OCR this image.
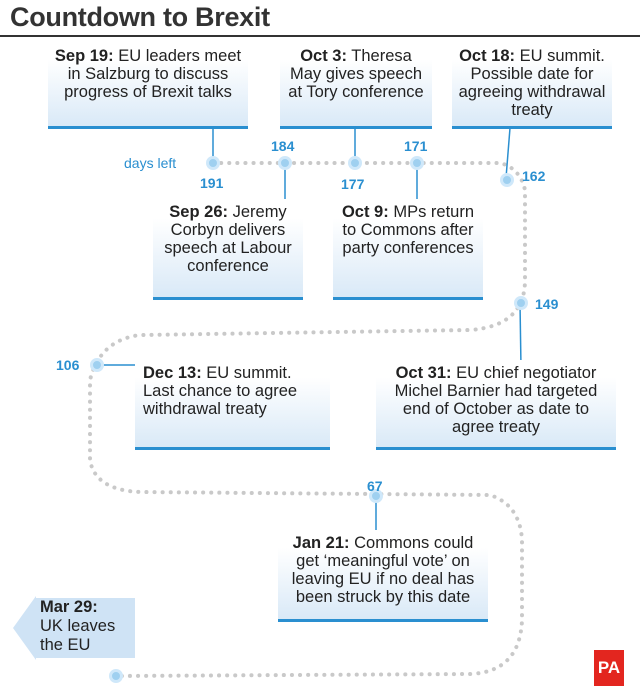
Countdown to Brexit
days left
191
184
177
171
162
149
106
67
Sep 19: EU leaders meet in Salzburg to discuss progress of Brexit talks
Oct 3: Theresa May gives speech at Tory conference
Oct 18: EU summit. Possible date for agreeing withdrawal treaty
Sep 26: Jeremy Corbyn delivers speech at Labour conference
Oct 9: MPs return to Commons after party conferences
Dec 13: EU summit. Last chance to agree withdrawal treaty
Oct 31: EU chief negotiator Michel Barnier had targeted end of October as date to agree treaty
Jan 21: Commons could get ‘meaningful vote’ on leaving EU if no deal has been struck by this date
Mar 29:
UK leaves the EU
PA
